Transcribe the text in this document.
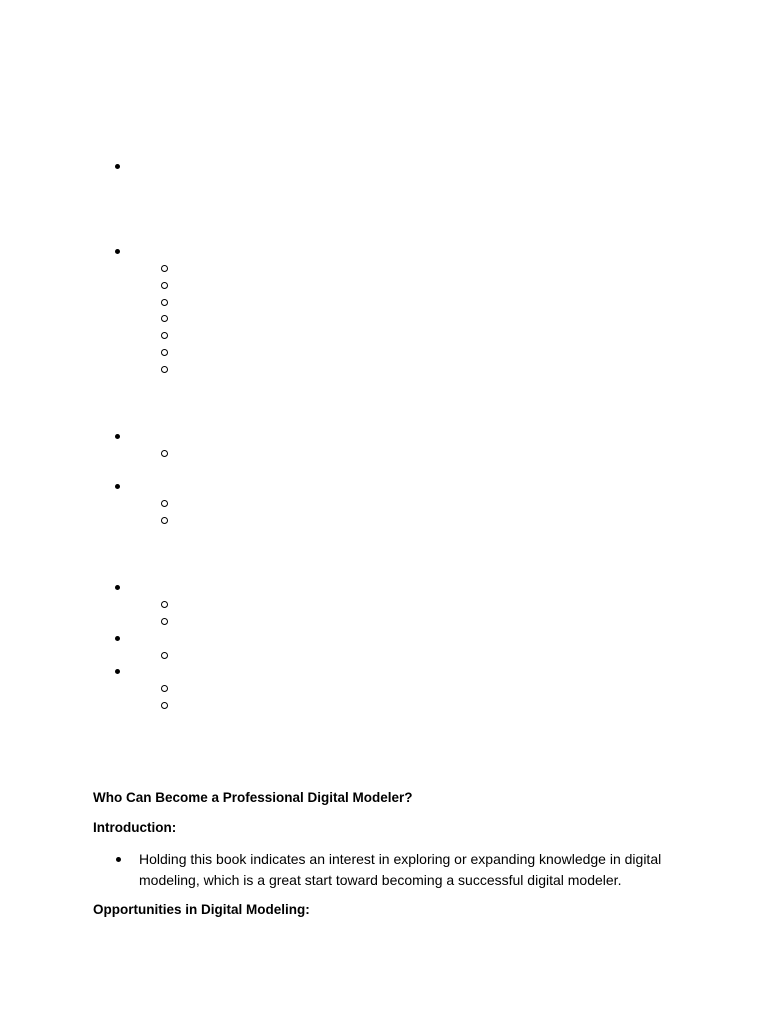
Who Can Become a Professional Digital Modeler?
Introduction:
Holding this book indicates an interest in exploring or expanding knowledge in digital modeling, which is a great start toward becoming a successful digital modeler.
Opportunities in Digital Modeling:
